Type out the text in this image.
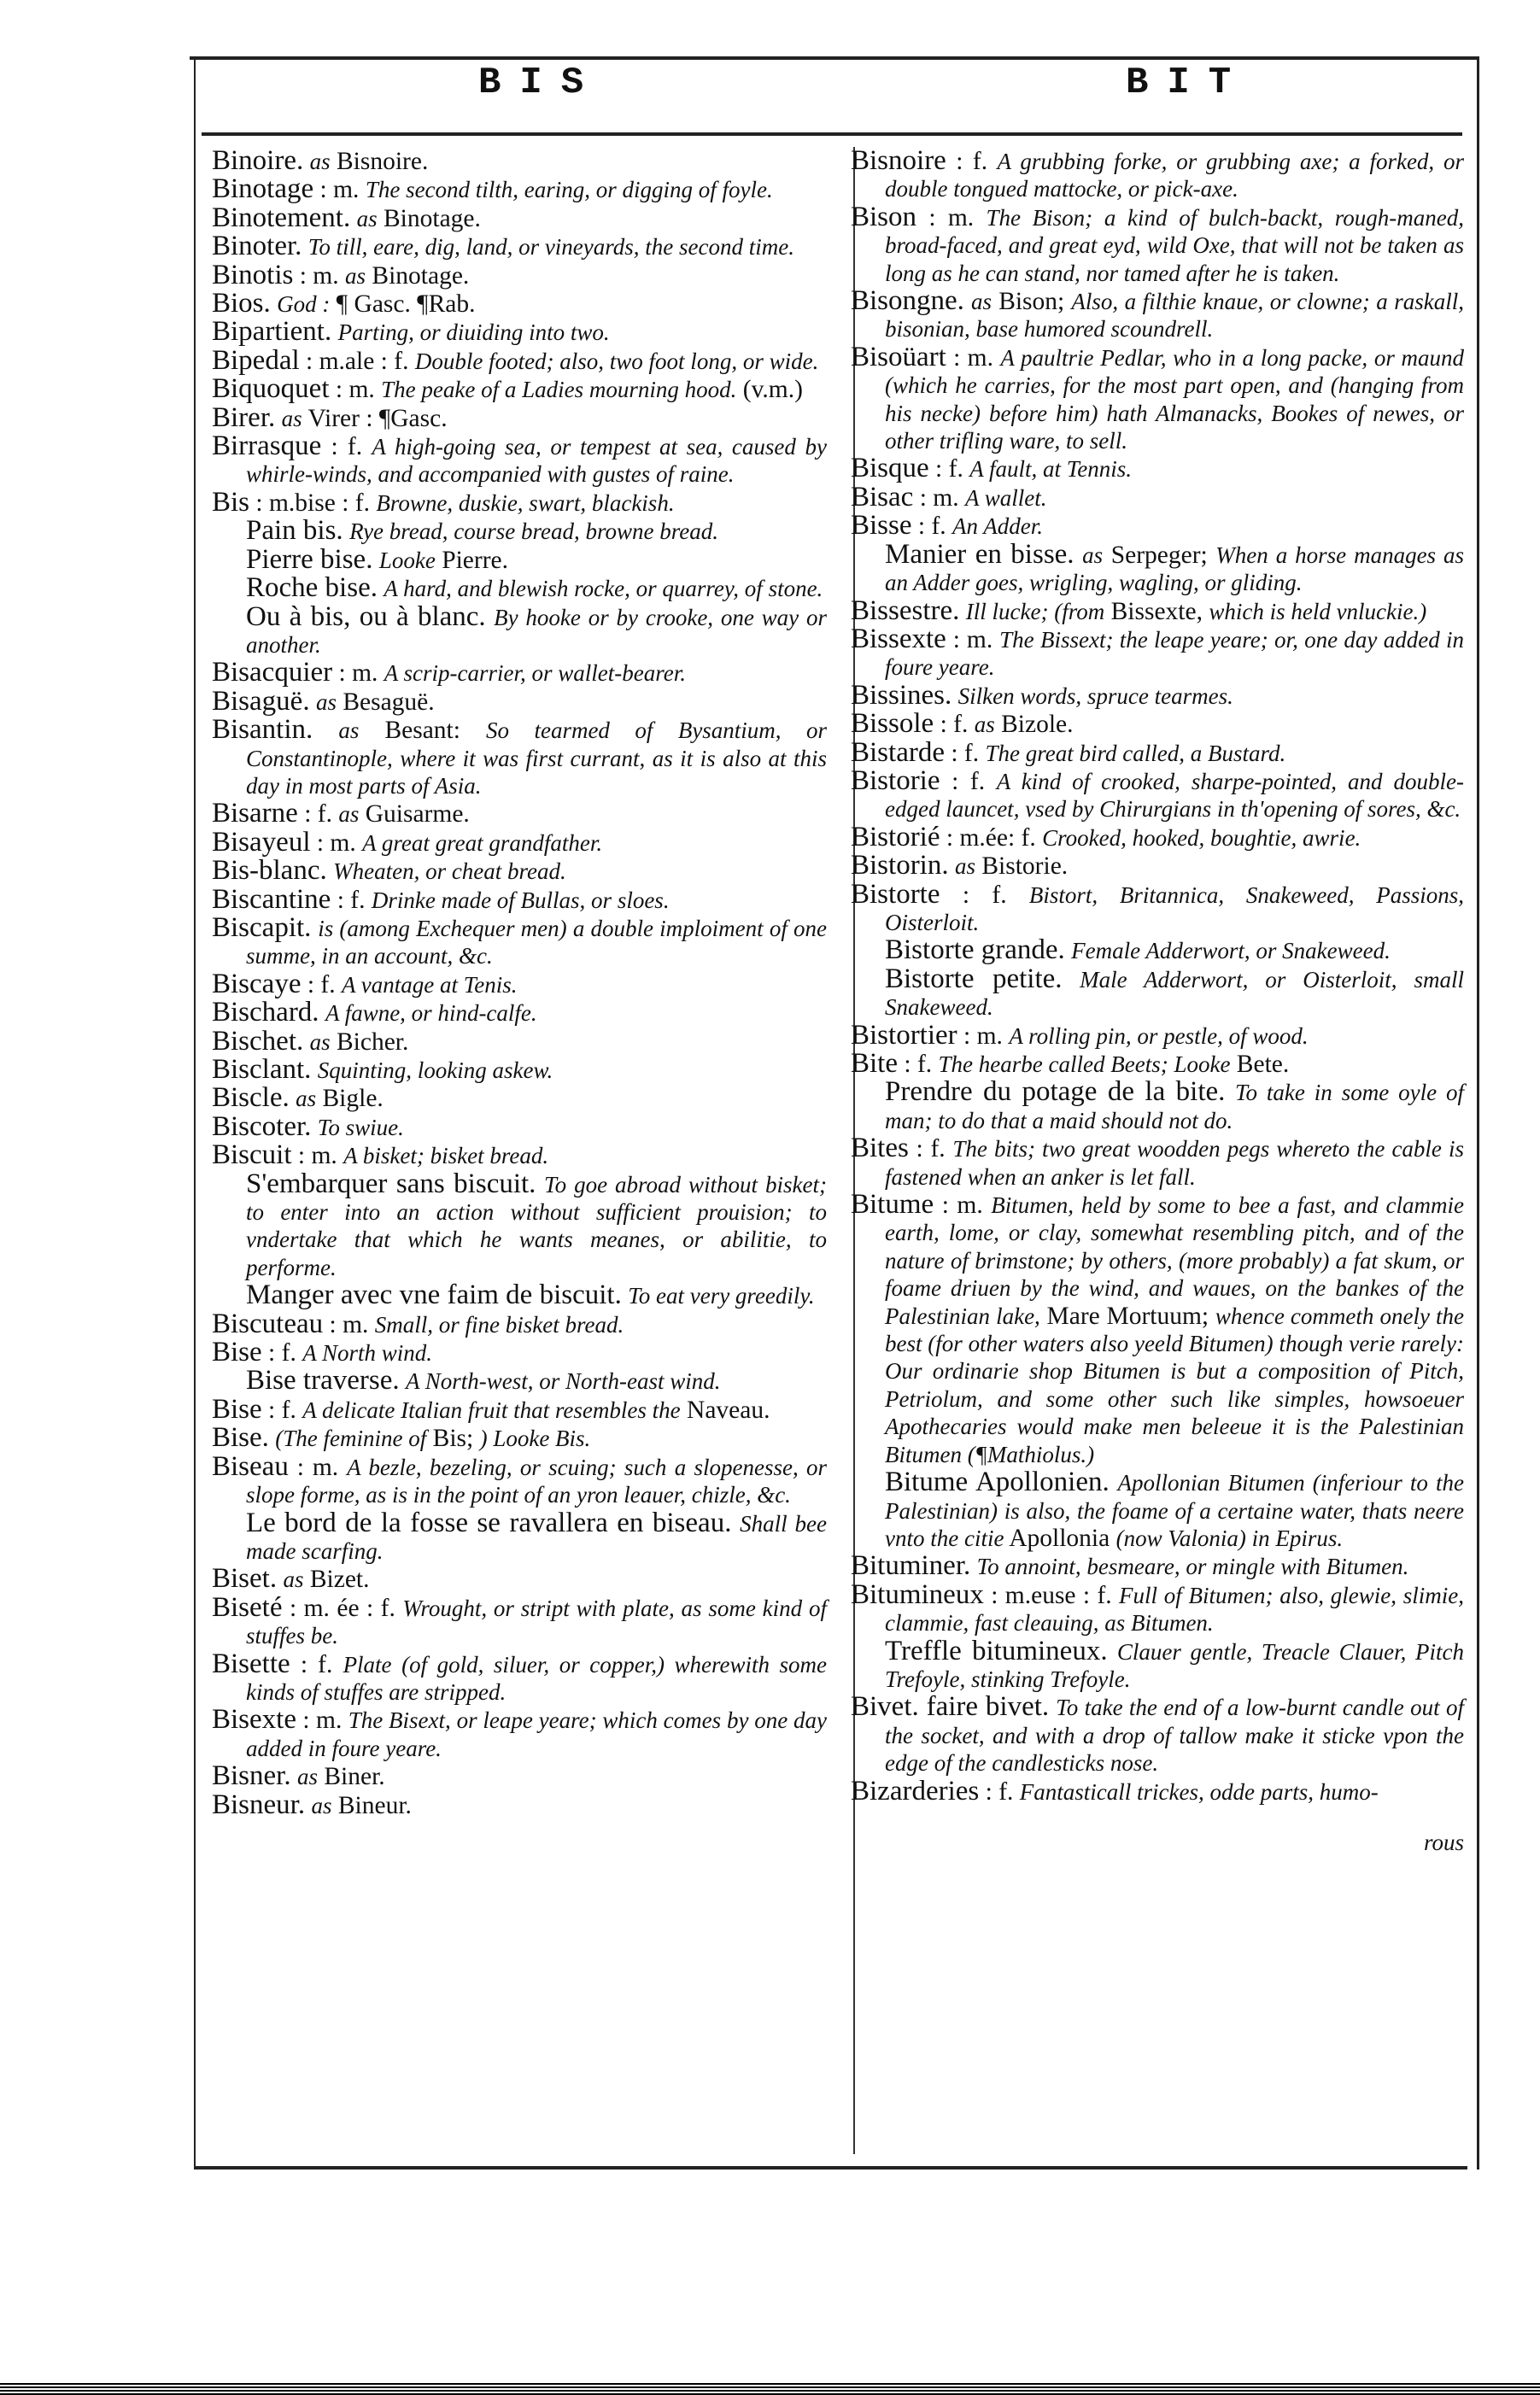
BIS	BIT

Binoire. as Bisnoire.

Binotage : m. The second tilth, earing, or digging of foyle.

Binotement. as Binotage.

Binoter. To till, eare, dig, land, or vineyards, the second time.

Binotis : m. as Binotage.

Bios. God : ¶ Gasc. ¶Rab.

Bipartient. Parting, or diuiding into two.

Bipedal : m.ale : f. Double footed; also, two foot long, or wide.

Biquoquet : m. The peake of a Ladies mourning hood. (v.m.)

Birer. as Virer : ¶Gasc.

Birrasque : f. A high-going sea, or tempest at sea, caused by whirle-winds, and accompanied with gustes of raine.

Bis : m.bise : f. Browne, duskie, swart, blackish.

Pain bis. Rye bread, course bread, browne bread.

Pierre bise. Looke Pierre.

Roche bise. A hard, and blewish rocke, or quarrey, of stone.

Ou à bis, ou à blanc. By hooke or by crooke, one way or another.

Bisacquier : m. A scrip-carrier, or wallet-bearer.

Bisaguë. as Besaguë.

Bisantin. as Besant: So tearmed of Bysantium, or Constantinople, where it was first currant, as it is also at this day in most parts of Asia.

Bisarne : f. as Guisarme.

Bisayeul : m. A great great grandfather.

Bis-blanc. Wheaten, or cheat bread.

Biscantine : f. Drinke made of Bullas, or sloes.

Biscapit. is (among Exchequer men) a double imploiment of one summe, in an account, &c.

Biscaye : f. A vantage at Tenis.

Bischard. A fawne, or hind-calfe.

Bischet. as Bicher.

Bisclant. Squinting, looking askew.

Biscle. as Bigle.

Biscoter. To swiue.

Biscuit : m. A bisket; bisket bread.

S'embarquer sans biscuit. To goe abroad without bisket; to enter into an action without sufficient prouision; to vndertake that which he wants meanes, or abilitie, to performe.

Manger avec vne faim de biscuit. To eat very greedily.

Biscuteau : m. Small, or fine bisket bread.

Bise : f. A North wind.

Bise traverse. A North-west, or North-east wind.

Bise : f. A delicate Italian fruit that resembles the Naveau.

Bise. (The feminine of Bis; ) Looke Bis.

Biseau : m. A bezle, bezeling, or scuing; such a slopenesse, or slope forme, as is in the point of an yron leauer, chizle, &c.

Le bord de la fosse se ravallera en biseau. Shall bee made scarfing.

Biset. as Bizet.

Biseté : m. ée : f. Wrought, or stript with plate, as some kind of stuffes be.

Bisette : f. Plate (of gold, siluer, or copper,) wherewith some kinds of stuffes are stripped.

Bisexte : m. The Bisext, or leape yeare; which comes by one day added in foure yeare.

Bisner. as Biner.

Bisneur. as Bineur.

Bisnoire : f. A grubbing forke, or grubbing axe; a forked, or double tongued mattocke, or pick-axe.

Bison : m. The Bison; a kind of bulch-backt, rough-maned, broad-faced, and great eyd, wild Oxe, that will not be taken as long as he can stand, nor tamed after he is taken.

Bisongne. as Bison; Also, a filthie knaue, or clowne; a raskall, bisonian, base humored scoundrell.

Bisoüart : m. A paultrie Pedlar, who in a long packe, or maund (which he carries, for the most part open, and (hanging from his necke) before him) hath Almanacks, Bookes of newes, or other trifling ware, to sell.

Bisque : f. A fault, at Tennis.

Bisac : m. A wallet.

Bisse : f. An Adder.

Manier en bisse. as Serpeger; When a horse manages as an Adder goes, wrigling, wagling, or gliding.

Bissestre. Ill lucke; (from Bissexte, which is held vnluckie.)

Bissexte : m. The Bissext; the leape yeare; or, one day added in foure yeare.

Bissines. Silken words, spruce tearmes.

Bissole : f. as Bizole.

Bistarde : f. The great bird called, a Bustard.

Bistorie : f. A kind of crooked, sharpe-pointed, and double-edged launcet, vsed by Chirurgians in th'opening of sores, &c.

Bistorié : m.ée: f. Crooked, hooked, boughtie, awrie.

Bistorin. as Bistorie.

Bistorte : f. Bistort, Britannica, Snakeweed, Passions, Oisterloit.

Bistorte grande. Female Adderwort, or Snakeweed.

Bistorte petite. Male Adderwort, or Oisterloit, small Snakeweed.

Bistortier : m. A rolling pin, or pestle, of wood.

Bite : f. The hearbe called Beets; Looke Bete.

Prendre du potage de la bite. To take in some oyle of man; to do that a maid should not do.

Bites : f. The bits; two great woodden pegs whereto the cable is fastened when an anker is let fall.

Bitume : m. Bitumen, held by some to bee a fast, and clammie earth, lome, or clay, somewhat resembling pitch, and of the nature of brimstone; by others, (more probably) a fat skum, or foame driuen by the wind, and waues, on the bankes of the Palestinian lake, Mare Mortuum; whence commeth onely the best (for other waters also yeeld Bitumen) though verie rarely: Our ordinarie shop Bitumen is but a composition of Pitch, Petriolum, and some other such like simples, howsoeuer Apothecaries would make men beleeue it is the Palestinian Bitumen (¶Mathiolus.)

Bitume Apollonien. Apollonian Bitumen (inferiour to the Palestinian) is also, the foame of a certaine water, thats neere vnto the citie Apollonia (now Valonia) in Epirus.

Bituminer. To annoint, besmeare, or mingle with Bitumen.

Bitumineux : m.euse : f. Full of Bitumen; also, glewie, slimie, clammie, fast cleauing, as Bitumen.

Treffle bitumineux. Clauer gentle, Treacle Clauer, Pitch Trefoyle, stinking Trefoyle.

Bivet. faire bivet. To take the end of a low-burnt candle out of the socket, and with a drop of tallow make it sticke vpon the edge of the candlesticks nose.

Bizarderies : f. Fantasticall trickes, odde parts, humo-

rous
